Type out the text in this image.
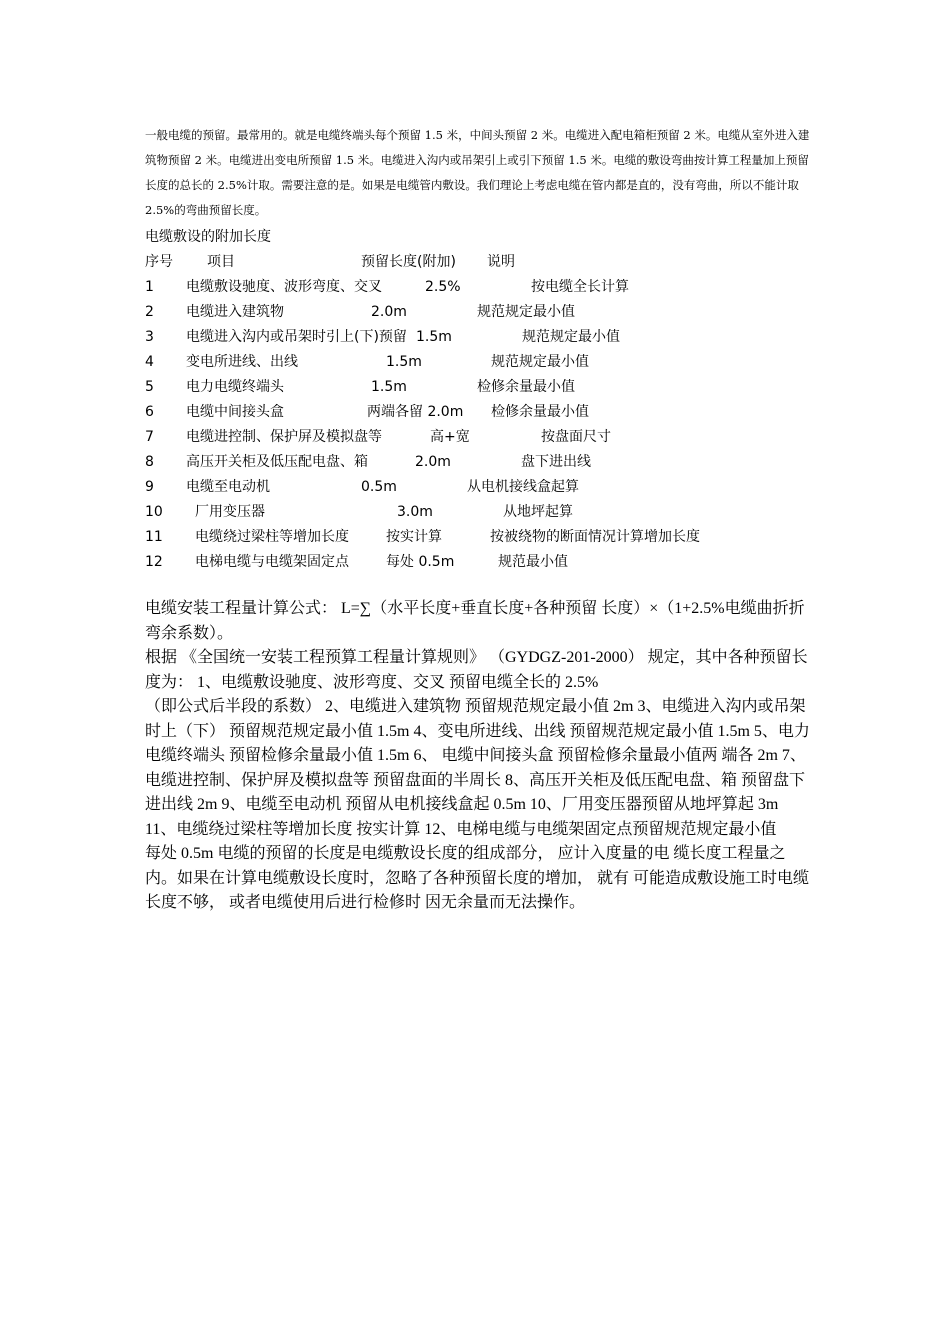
一般电缆的预留。最常用的。就是电缆终端头每个预留 1.5 米，中间头预留 2 米。电缆进入配电箱柜预留 2 米。电缆从室外进入建筑物预留 2 米。电缆进出变电所预留 1.5 米。电缆进入沟内或吊架引上或引下预留 1.5 米。电缆的敷设弯曲按计算工程量加上预留长度的总长的 2.5%计取。需要注意的是。如果是电缆管内敷设。我们理论上考虑电缆在管内都是直的，没有弯曲，所以不能计取 2.5%的弯曲预留长度。

电缆敷设的附加长度
序号 项目	预留长度(附加) 说明
1 电缆敷设驰度、波形弯度、交叉	2.5%	按电缆全长计算
2 电缆进入建筑物	2.0m	规范规定最小值
3 电缆进入沟内或吊架时引上(下)预留 1.5m	规范规定最小值
4 变电所进线、出线	1.5m	规范规定最小值
5 电力电缆终端头	1.5m	检修余量最小值
6 电缆中间接头盒	两端各留 2.0m 检修余量最小值
7 电缆进控制、保护屏及模拟盘等	高+宽	按盘面尺寸
8 高压开关柜及低压配电盘、箱	2.0m	盘下进出线
9 电缆至电动机	0.5m	从电机接线盒起算
10 厂用变压器	3.0m	从地坪起算
11 电缆绕过梁柱等增加长度	按实计算	按被绕物的断面情况计算增加长度
12 电梯电缆与电缆架固定点	每处 0.5m	规范最小值

电缆安装工程量计算公式： L=∑（水平长度+垂直长度+各种预留 长度）×（1+2.5%电缆曲折折弯余系数）。

根据 《全国统一安装工程预算工程量计算规则》 （GYDGZ-201-2000） 规定，其中各种预留长度为： 1、电缆敷设驰度、波形弯度、交叉 预留电缆全长的 2.5%

（即公式后半段的系数） 2、电缆进入建筑物 预留规范规定最小值 2m 3、电缆进入沟内或吊架时上（下） 预留规范规定最小值 1.5m 4、变电所进线、出线 预留规范规定最小值 1.5m 5、电力电缆终端头 预留检修余量最小值 1.5m 6、 电缆中间接头盒 预留检修余量最小值两 端各 2m 7、电缆进控制、保护屏及模拟盘等 预留盘面的半周长 8、高压开关柜及低压配电盘、箱 预留盘下进出线 2m 9、电缆至电动机 预留从电机接线盒起 0.5m 10、厂用变压器预留从地坪算起 3m 11、电缆绕过梁柱等增加长度 按实计算 12、电梯电缆与电缆架固定点预留规范规定最小值

每处 0.5m 电缆的预留的长度是电缆敷设长度的组成部分， 应计入度量的电 缆长度工程量之内。如果在计算电缆敷设长度时，忽略了各种预留长度的增加， 就有 可能造成敷设施工时电缆长度不够， 或者电缆使用后进行检修时 因无余量而无法操作。
